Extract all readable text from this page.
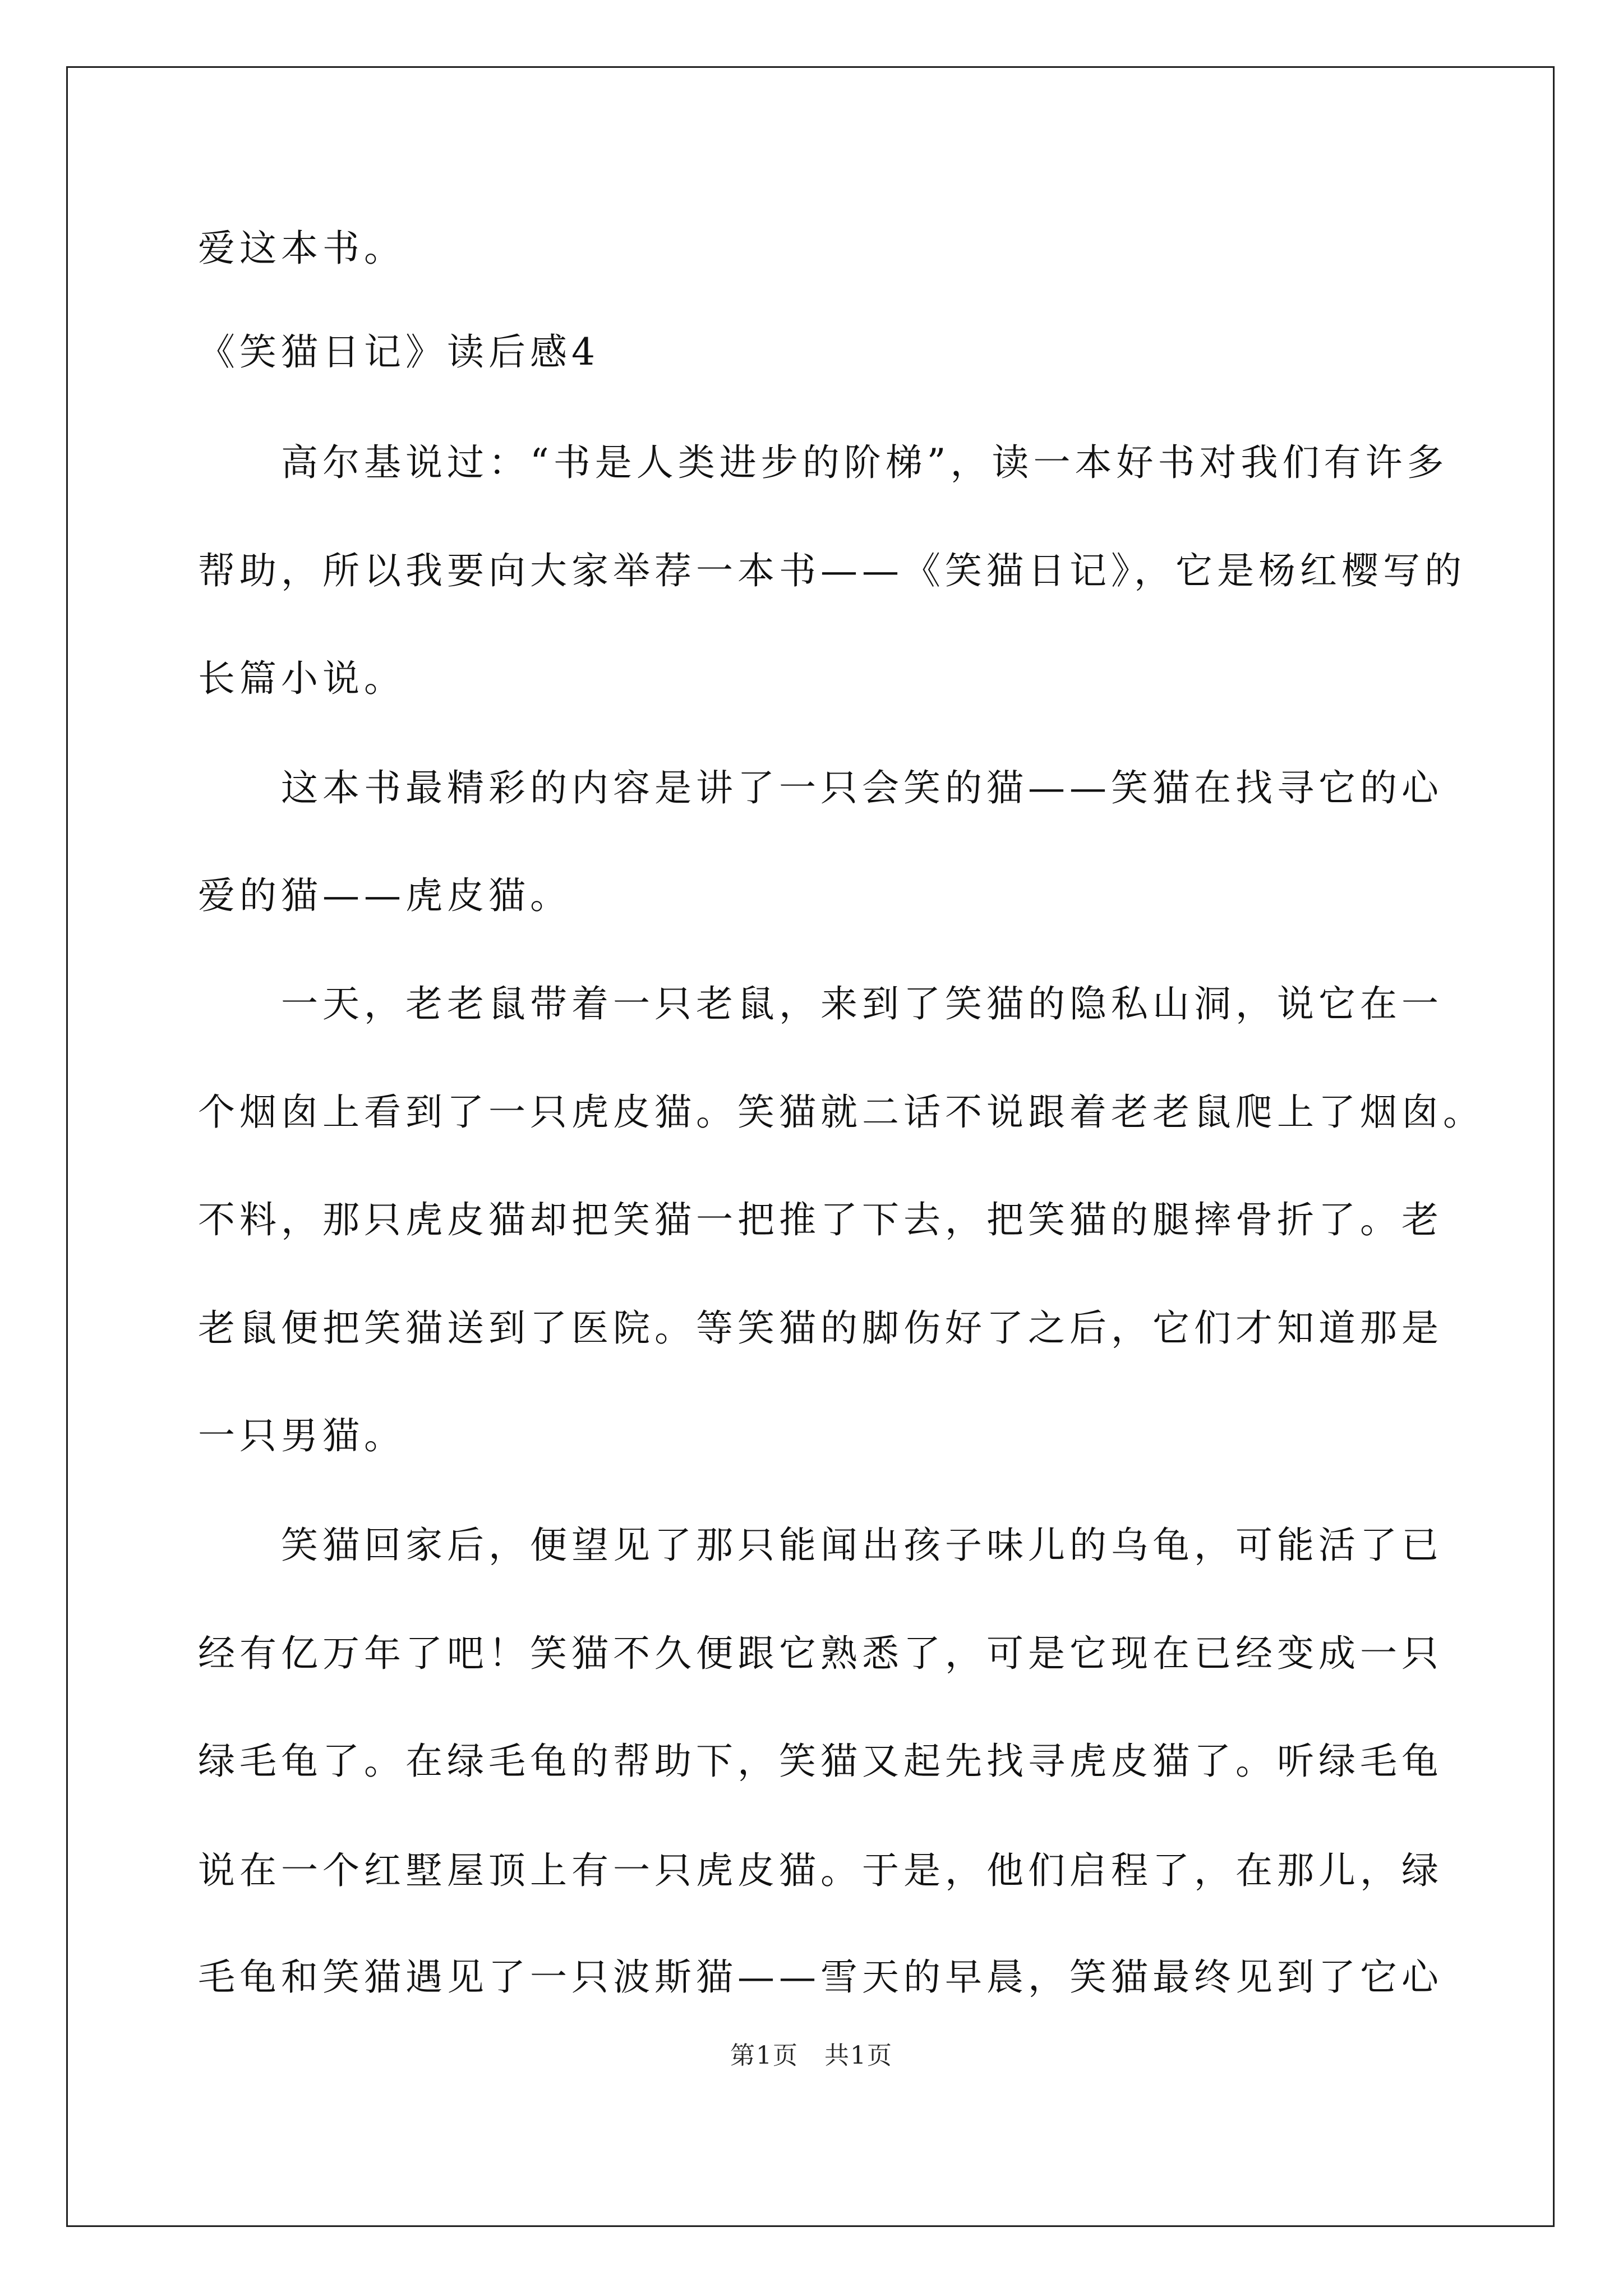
爱这本书。
《笑猫日记》读后感4
　　高尔基说过：“书是人类进步的阶梯”，读一本好书对我们有许多
帮助，所以我要向大家举荐一本书——《笑猫日记》，它是杨红樱写的
长篇小说。
　　这本书最精彩的内容是讲了一只会笑的猫——笑猫在找寻它的心
爱的猫——虎皮猫。
　　一天，老老鼠带着一只老鼠，来到了笑猫的隐私山洞，说它在一
个烟囱上看到了一只虎皮猫。笑猫就二话不说跟着老老鼠爬上了烟囱。
不料，那只虎皮猫却把笑猫一把推了下去，把笑猫的腿摔骨折了。老
老鼠便把笑猫送到了医院。等笑猫的脚伤好了之后，它们才知道那是
一只男猫。
　　笑猫回家后，便望见了那只能闻出孩子味儿的乌龟，可能活了已
经有亿万年了吧！笑猫不久便跟它熟悉了，可是它现在已经变成一只
绿毛龟了。在绿毛龟的帮助下，笑猫又起先找寻虎皮猫了。听绿毛龟
说在一个红墅屋顶上有一只虎皮猫。于是，他们启程了，在那儿，绿
毛龟和笑猫遇见了一只波斯猫——雪天的早晨，笑猫最终见到了它心
第1页　共1页
